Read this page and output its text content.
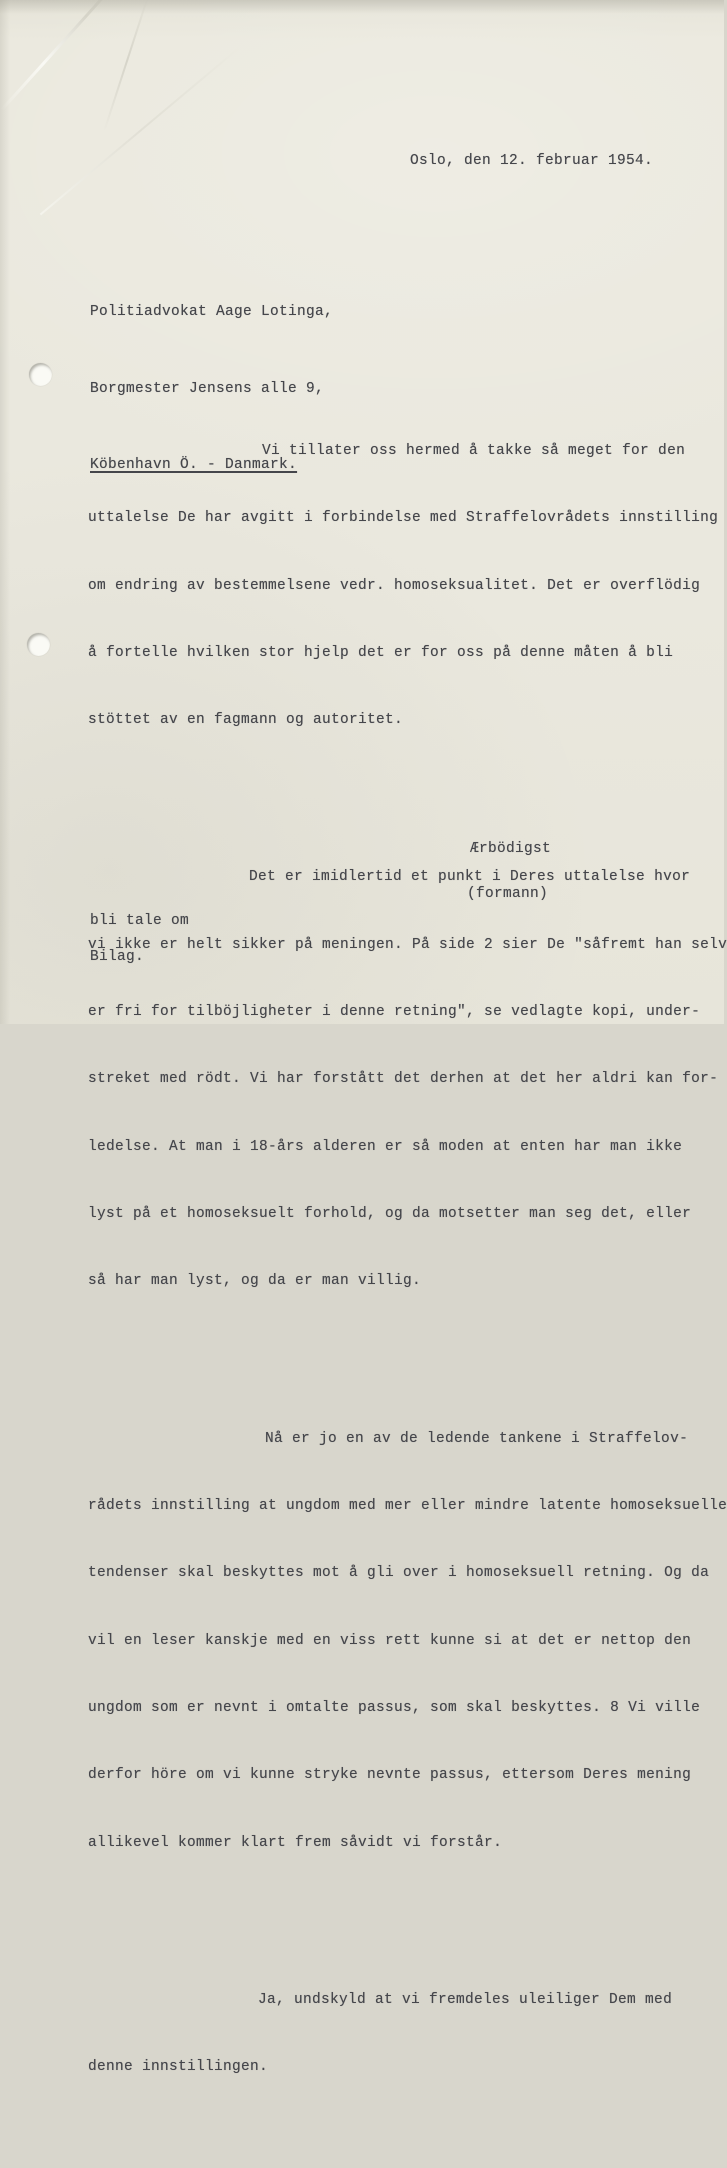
Oslo, den 12. februar 1954.

Politiadvokat Aage Lotinga,

Borgmester Jensens alle 9,

Köbenhavn Ö. - Danmark.

Vi tillater oss hermed å takke så meget for den

uttalelse De har avgitt i forbindelse med Straffelovrådets innstilling

om endring av bestemmelsene vedr. homoseksualitet. Det er overflödig

å fortelle hvilken stor hjelp det er for oss på denne måten å bli

stöttet av en fagmann og autoritet.

Det er imidlertid et punkt i Deres uttalelse hvor

vi ikke er helt sikker på meningen. På side 2 sier De "såfremt han selv

er fri for tilböjligheter i denne retning", se vedlagte kopi, under-

streket med rödt. Vi har forstått det derhen at det her aldri kan for-

ledelse. At man i 18-års alderen er så moden at enten har man ikke

lyst på et homoseksuelt forhold, og da motsetter man seg det, eller

så har man lyst, og da er man villig.

Nå er jo en av de ledende tankene i Straffelov-

rådets innstilling at ungdom med mer eller mindre latente homoseksuelle

tendenser skal beskyttes mot å gli over i homoseksuell retning. Og da

vil en leser kanskje med en viss rett kunne si at det er nettop den

ungdom som er nevnt i omtalte passus, som skal beskyttes. 8 Vi ville

derfor höre om vi kunne stryke nevnte passus, ettersom Deres mening

allikevel kommer klart frem såvidt vi forstår.

Ja, undskyld at vi fremdeles uleiliger Dem med

denne innstillingen.

Ærbödigst
(formann)
bli tale om
Bilag.
